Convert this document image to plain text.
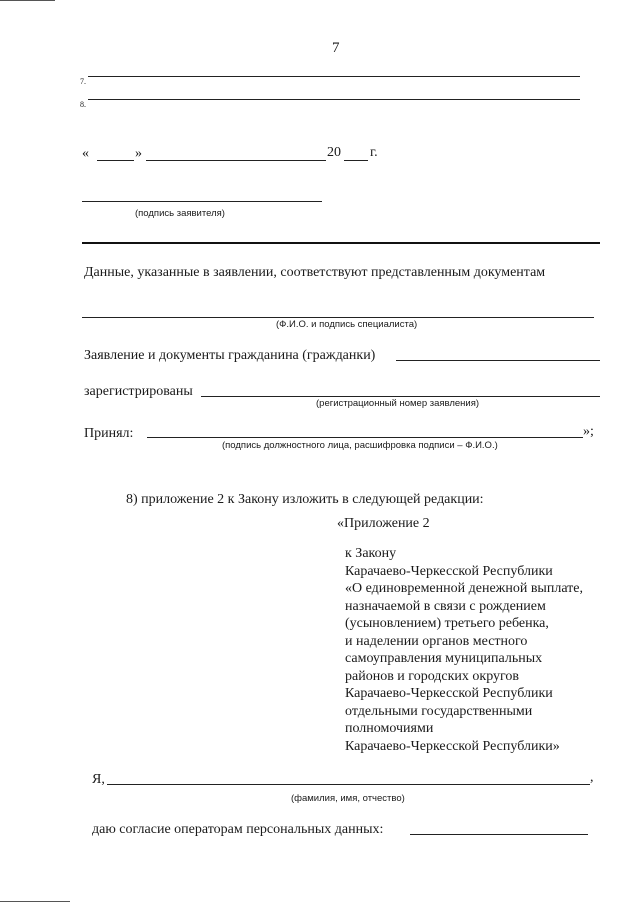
7
7.
8.
«	»	20 г.
(подпись заявителя)
Данные, указанные в заявлении, соответствуют представленным документам
(Ф.И.О. и подпись специалиста)
Заявление и документы гражданина (гражданки)
зарегистрированы
(регистрационный номер заявления)
Принял:	»;
(подпись должностного лица, расшифровка подписи – Ф.И.О.)
8) приложение 2 к Закону изложить в следующей редакции:
«Приложение 2
к Закону
Карачаево-Черкесской Республики
«О единовременной денежной выплате,
назначаемой в связи с рождением
(усыновлением) третьего ребенка,
и наделении органов местного
самоуправления муниципальных
районов и городских округов
Карачаево-Черкесской Республики
отдельными государственными
полномочиями
Карачаево-Черкесской Республики»
Я,	,
(фамилия, имя, отчество)
даю согласие операторам персональных данных:
